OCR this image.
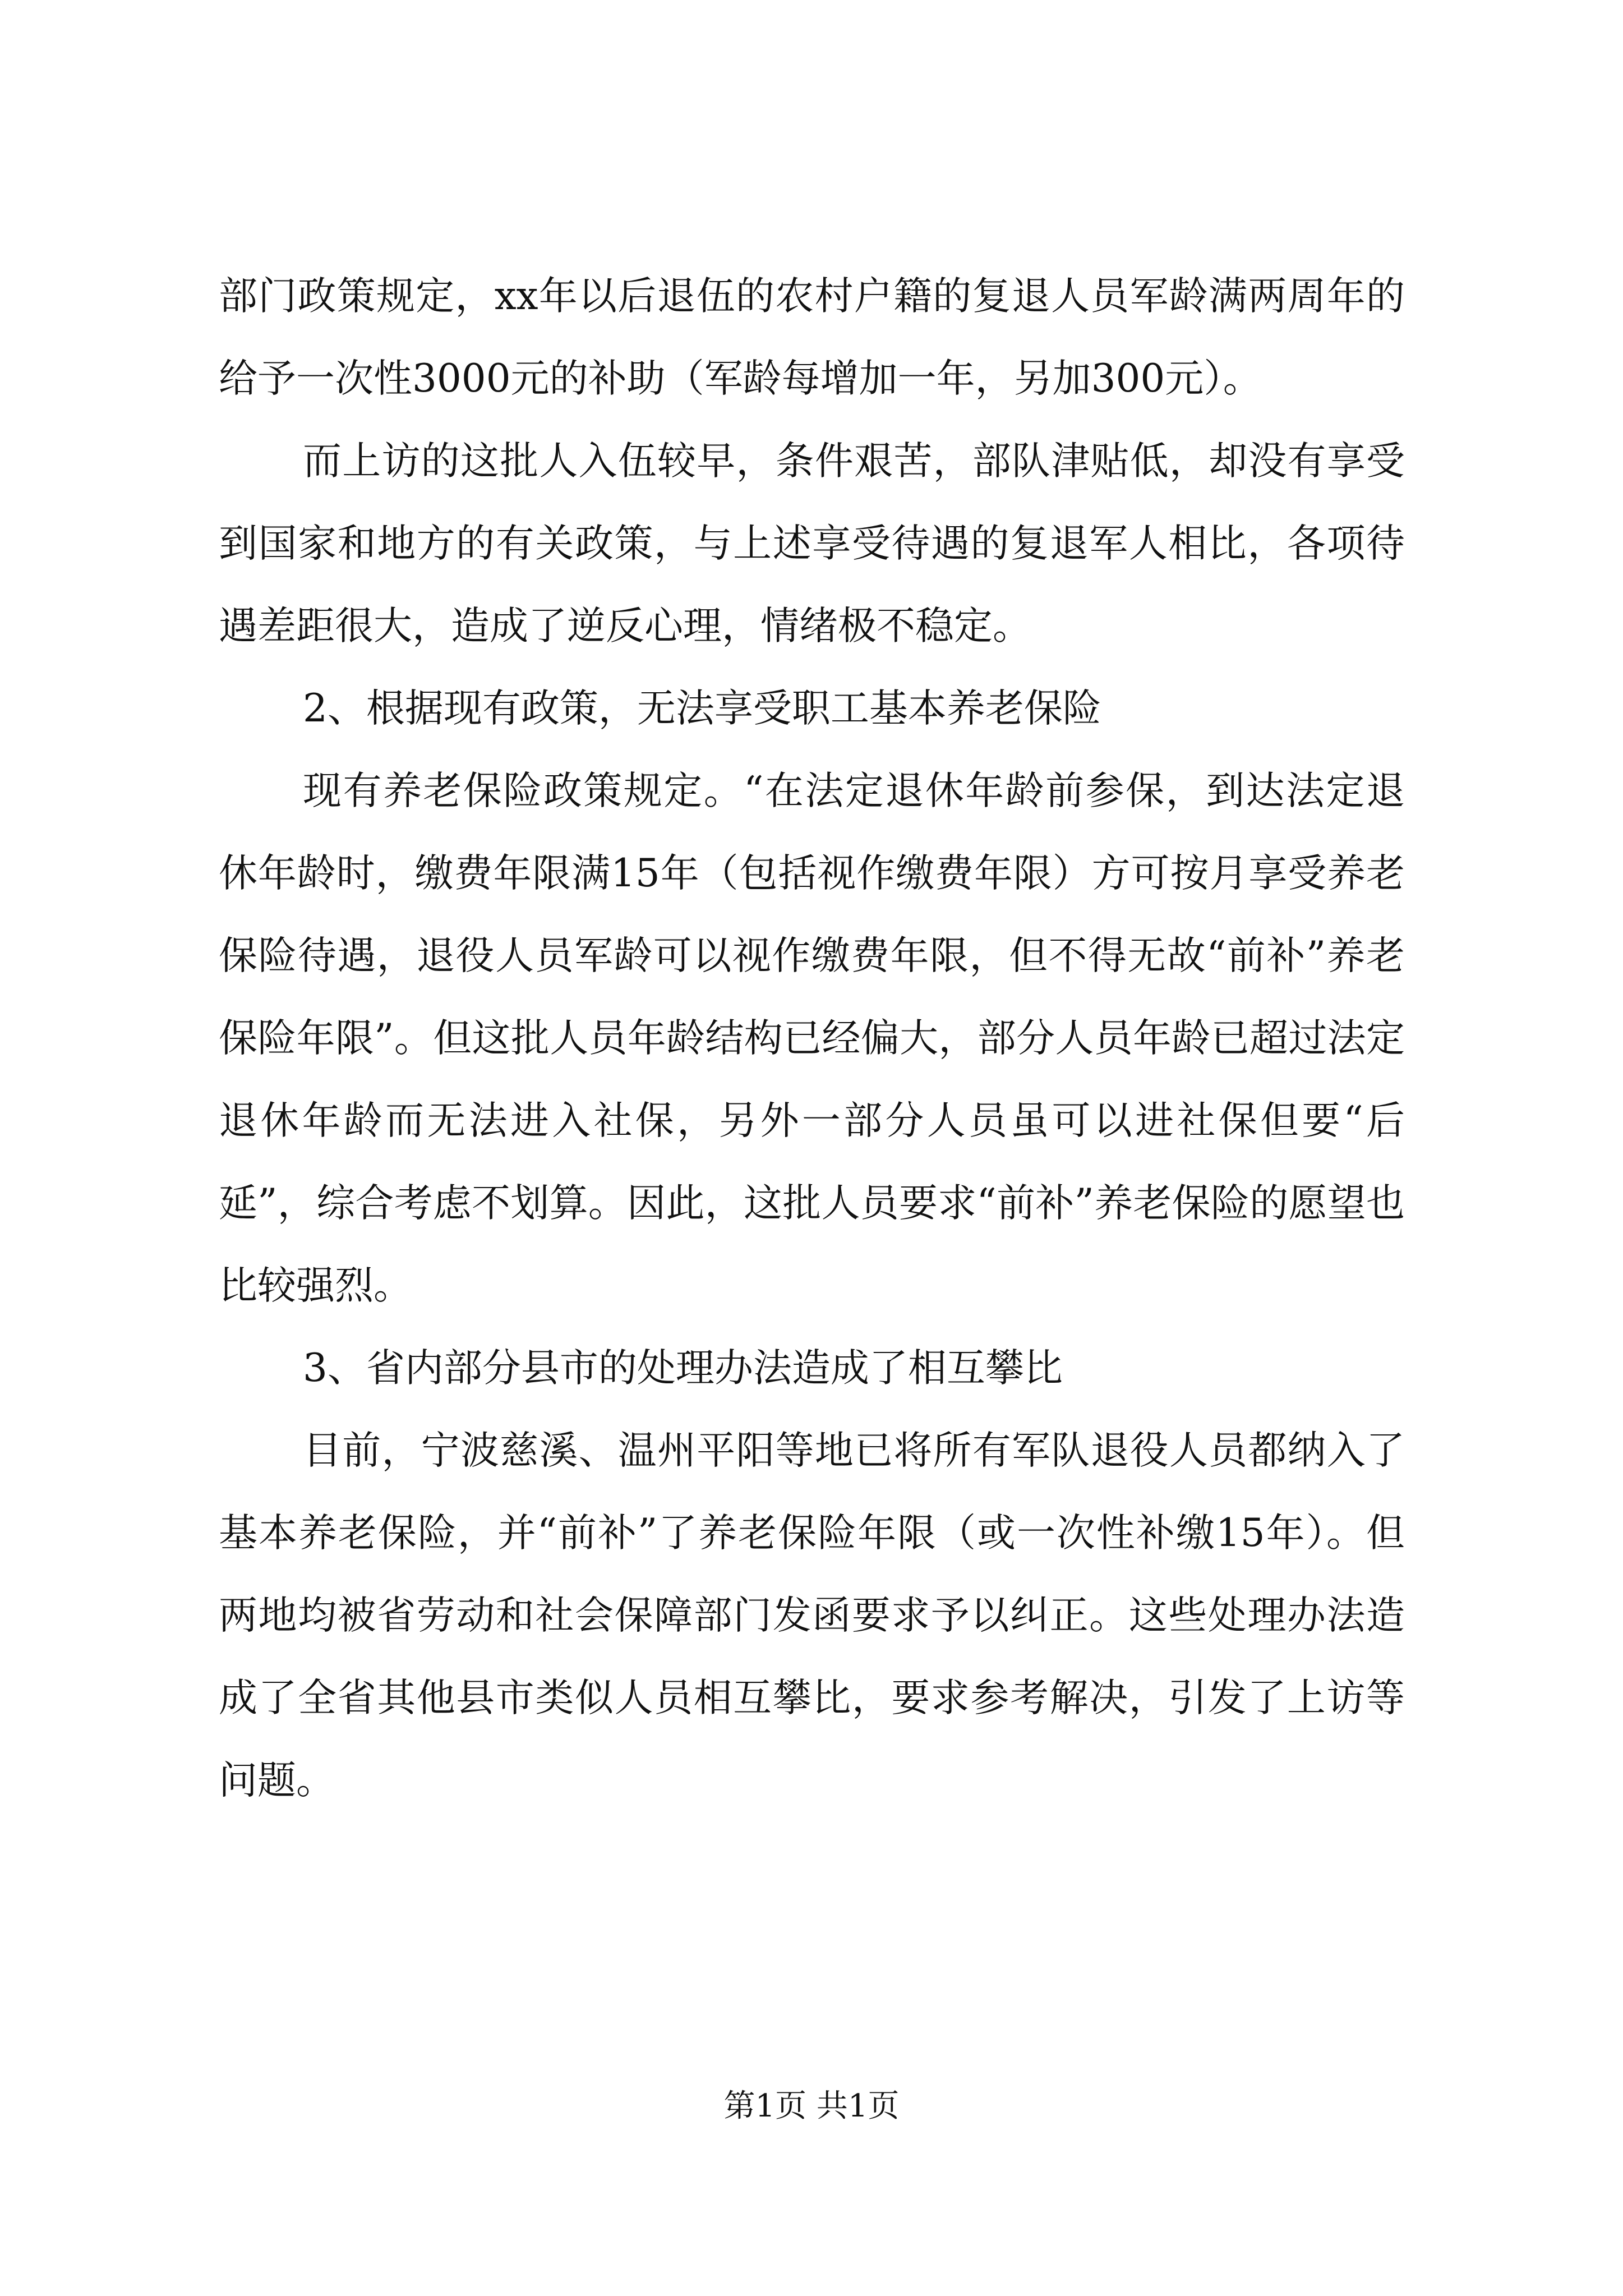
部门政策规定，xx年以后退伍的农村户籍的复退人员军龄满两周年的给予一次性3000元的补助（军龄每增加一年，另加300元）。

而上访的这批人入伍较早，条件艰苦，部队津贴低，却没有享受到国家和地方的有关政策，与上述享受待遇的复退军人相比，各项待遇差距很大，造成了逆反心理，情绪极不稳定。

2、根据现有政策，无法享受职工基本养老保险

现有养老保险政策规定。“在法定退休年龄前参保，到达法定退休年龄时，缴费年限满15年（包括视作缴费年限）方可按月享受养老保险待遇，退役人员军龄可以视作缴费年限，但不得无故“前补”养老保险年限”。但这批人员年龄结构已经偏大，部分人员年龄已超过法定退休年龄而无法进入社保，另外一部分人员虽可以进社保但要“后延”，综合考虑不划算。因此，这批人员要求“前补”养老保险的愿望也比较强烈。

3、省内部分县市的处理办法造成了相互攀比

目前，宁波慈溪、温州平阳等地已将所有军队退役人员都纳入了基本养老保险，并“前补”了养老保险年限（或一次性补缴15年）。但两地均被省劳动和社会保障部门发函要求予以纠正。这些处理办法造成了全省其他县市类似人员相互攀比，要求参考解决，引发了上访等问题。

第1页 共1页
